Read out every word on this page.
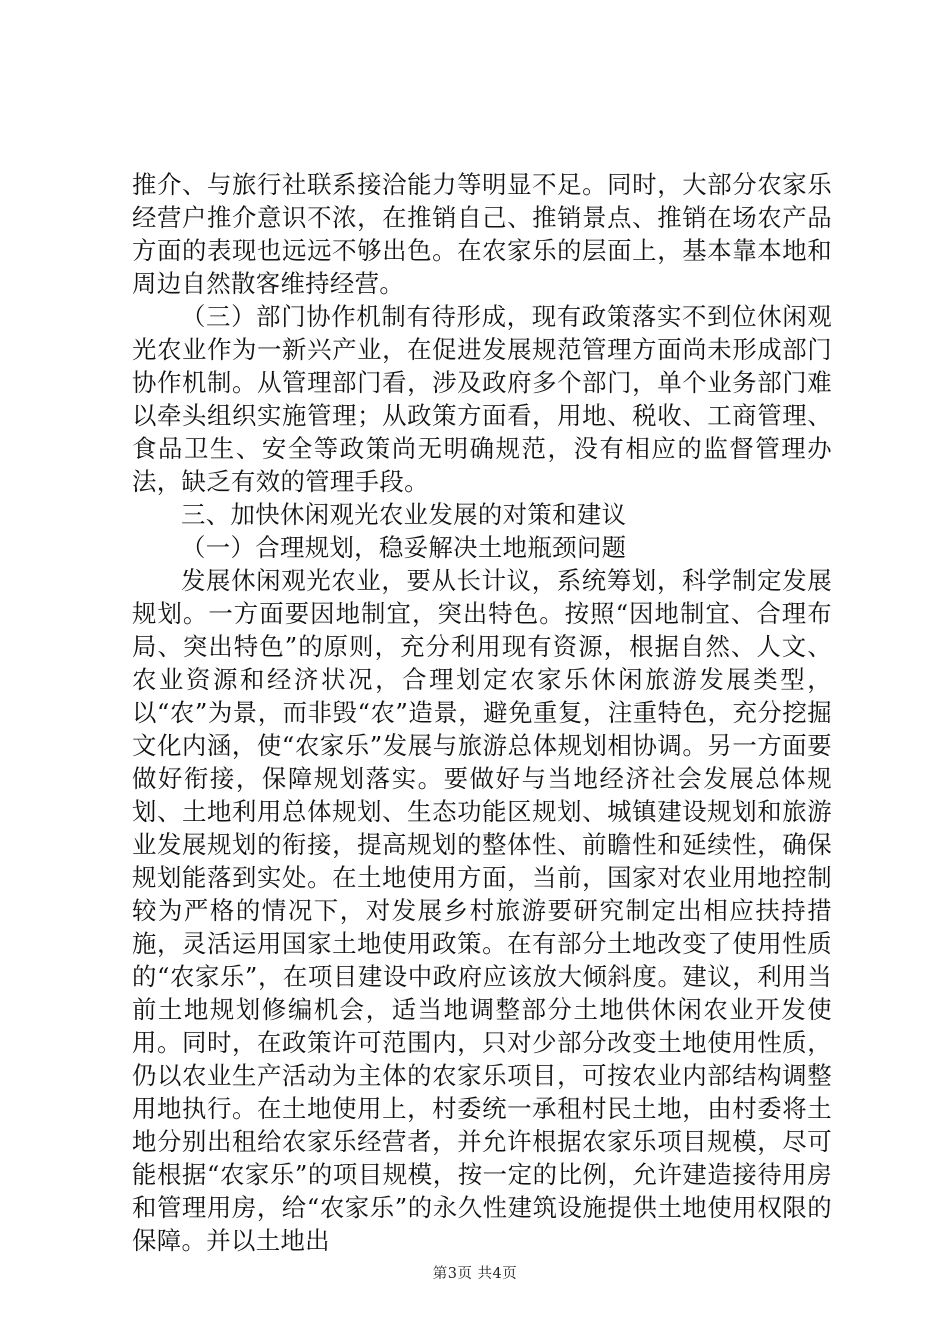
推介、与旅行社联系接洽能力等明显不足。同时，大部分农家乐经营户推介意识不浓，在推销自己、推销景点、推销在场农产品方面的表现也远远不够出色。在农家乐的层面上，基本靠本地和周边自然散客维持经营。

（三）部门协作机制有待形成，现有政策落实不到位休闲观光农业作为一新兴产业，在促进发展规范管理方面尚未形成部门协作机制。从管理部门看，涉及政府多个部门，单个业务部门难以牵头组织实施管理；从政策方面看，用地、税收、工商管理、食品卫生、安全等政策尚无明确规范，没有相应的监督管理办法，缺乏有效的管理手段。

三、加快休闲观光农业发展的对策和建议

（一）合理规划，稳妥解决土地瓶颈问题

发展休闲观光农业，要从长计议，系统筹划，科学制定发展规划。一方面要因地制宜，突出特色。按照“因地制宜、合理布局、突出特色”的原则，充分利用现有资源，根据自然、人文、农业资源和经济状况，合理划定农家乐休闲旅游发展类型，以“农”为景，而非毁“农”造景，避免重复，注重特色，充分挖掘文化内涵，使“农家乐”发展与旅游总体规划相协调。另一方面要做好衔接，保障规划落实。要做好与当地经济社会发展总体规划、土地利用总体规划、生态功能区规划、城镇建设规划和旅游业发展规划的衔接，提高规划的整体性、前瞻性和延续性，确保规划能落到实处。在土地使用方面，当前，国家对农业用地控制较为严格的情况下，对发展乡村旅游要研究制定出相应扶持措施，灵活运用国家土地使用政策。在有部分土地改变了使用性质的“农家乐”，在项目建设中政府应该放大倾斜度。建议，利用当前土地规划修编机会，适当地调整部分土地供休闲农业开发使用。同时，在政策许可范围内，只对少部分改变土地使用性质，仍以农业生产活动为主体的农家乐项目，可按农业内部结构调整用地执行。在土地使用上，村委统一承租村民土地，由村委将土地分别出租给农家乐经营者，并允许根据农家乐项目规模，尽可能根据“农家乐”的项目规模，按一定的比例，允许建造接待用房和管理用房，给“农家乐”的永久性建筑设施提供土地使用权限的保障。并以土地出

第3页 共4页
